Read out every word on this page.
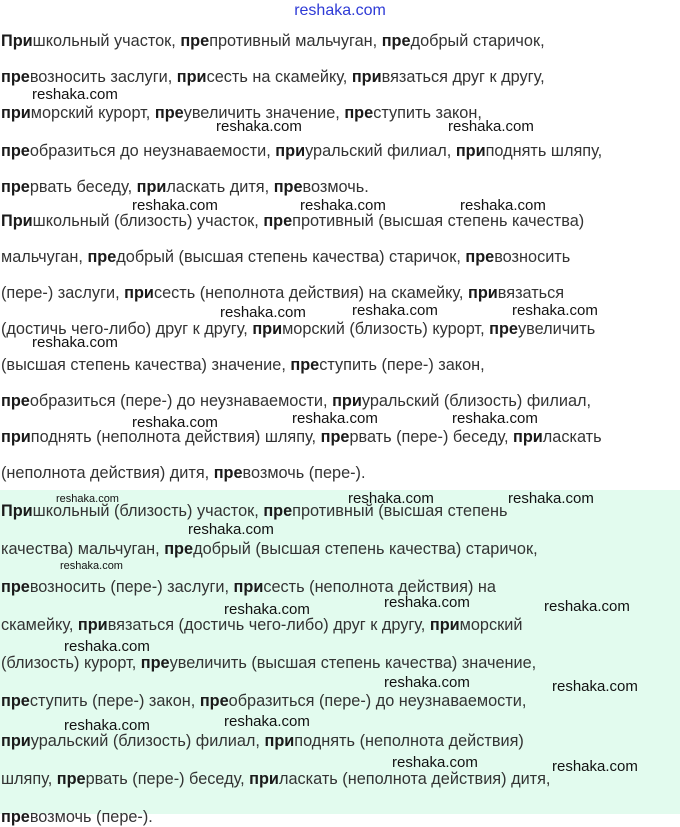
reshaka.com
Пришкольный участок, препротивный мальчуган, предобрый старичок,
превозносить заслуги, присесть на скамейку, привязаться друг к другу,
приморский курорт, преувеличить значение, преступить закон,
преобразиться до неузнаваемости, приуральский филиал, приподнять шляпу,
прервать беседу, приласкать дитя, превозмочь.
Пришкольный (близость) участок, препротивный (высшая степень качества)
мальчуган, предобрый (высшая степень качества) старичок, превозносить
(пере-) заслуги, присесть (неполнота действия) на скамейку, привязаться
(достичь чего-либо) друг к другу, приморский (близость) курорт, преувеличить
(высшая степень качества) значение, преступить (пере-) закон,
преобразиться (пере-) до неузнаваемости, приуральский (близость) филиал,
приподнять (неполнота действия) шляпу, прервать (пере-) беседу, приласкать
(неполнота действия) дитя, превозмочь (пере-).
Пришкольный (близость) участок, препротивный (высшая степень
качества) мальчуган, предобрый (высшая степень качества) старичок,
превозносить (пере-) заслуги, присесть (неполнота действия) на
скамейку, привязаться (достичь чего-либо) друг к другу, приморский
(близость) курорт, преувеличить (высшая степень качества) значение,
преступить (пере-) закон, преобразиться (пере-) до неузнаваемости,
приуральский (близость) филиал, приподнять (неполнота действия)
шляпу, прервать (пере-) беседу, приласкать (неполнота действия) дитя,
превозмочь (пере-).
reshaka.com
reshaka.com	reshaka.com
reshaka.com	reshaka.com	reshaka.com
reshaka.com	reshaka.com	reshaka.com
reshaka.com
reshaka.com	reshaka.com	reshaka.com
reshaka.com	reshaka.com
reshaka.com
reshaka.com
reshaka.com
reshaka.com
reshaka.com	reshaka.com
reshaka.com
reshaka.com	reshaka.com
reshaka.com
reshaka.com
reshaka.com	reshaka.com
